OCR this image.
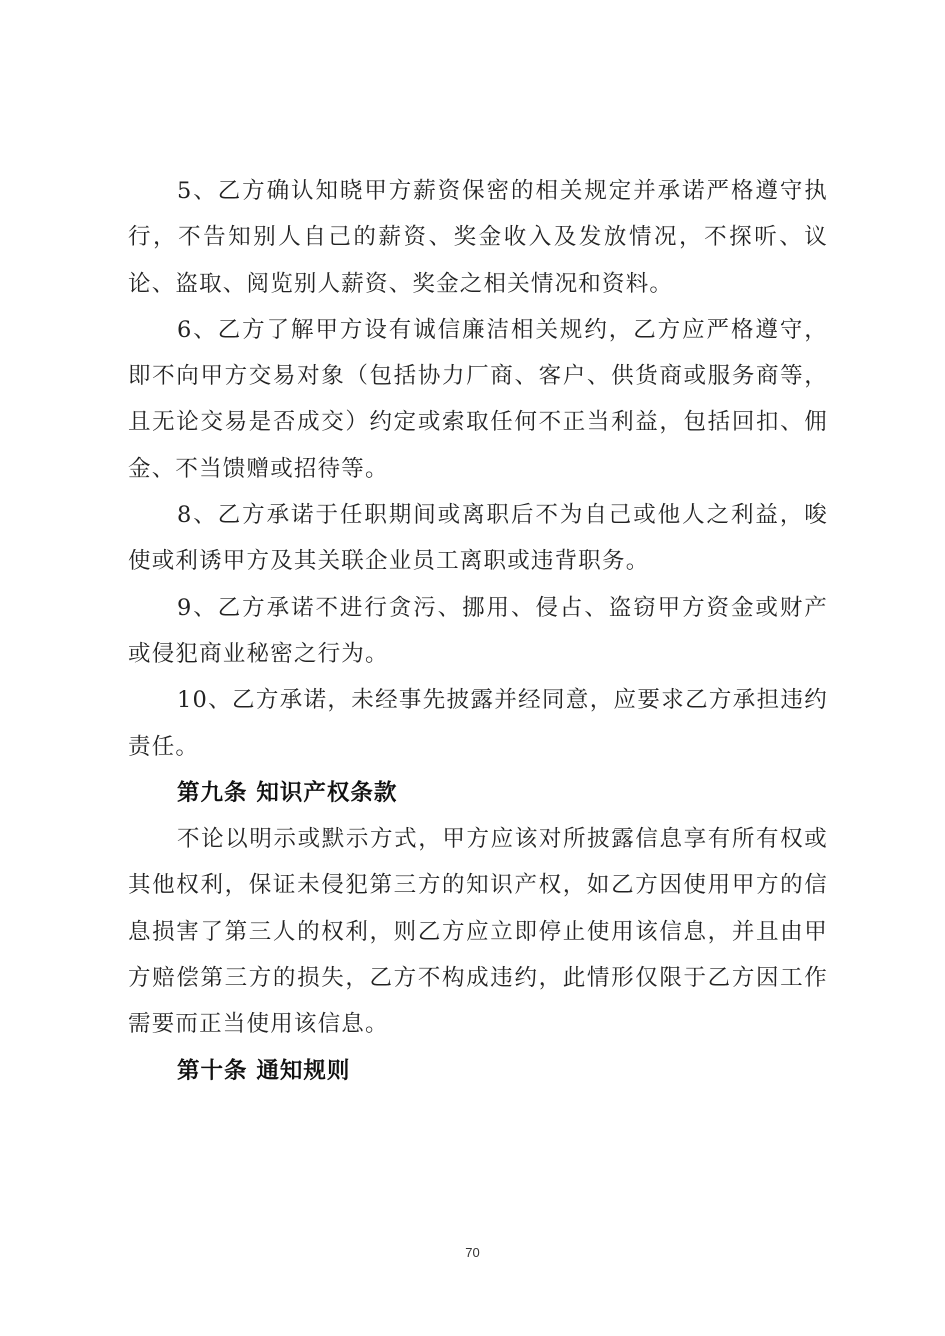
5、乙方确认知晓甲方薪资保密的相关规定并承诺严格遵守执行，不告知别人自己的薪资、奖金收入及发放情况，不探听、议论、盗取、阅览别人薪资、奖金之相关情况和资料。

6、乙方了解甲方设有诚信廉洁相关规约，乙方应严格遵守，即不向甲方交易对象（包括协力厂商、客户、供货商或服务商等，且无论交易是否成交）约定或索取任何不正当利益，包括回扣、佣金、不当馈赠或招待等。

8、乙方承诺于任职期间或离职后不为自己或他人之利益，唆使或利诱甲方及其关联企业员工离职或违背职务。

9、乙方承诺不进行贪污、挪用、侵占、盗窃甲方资金或财产或侵犯商业秘密之行为。

10、乙方承诺，未经事先披露并经同意，应要求乙方承担违约责任。

第九条 知识产权条款

不论以明示或默示方式，甲方应该对所披露信息享有所有权或其他权利，保证未侵犯第三方的知识产权，如乙方因使用甲方的信息损害了第三人的权利，则乙方应立即停止使用该信息，并且由甲方赔偿第三方的损失，乙方不构成违约，此情形仅限于乙方因工作需要而正当使用该信息。

第十条 通知规则
70
